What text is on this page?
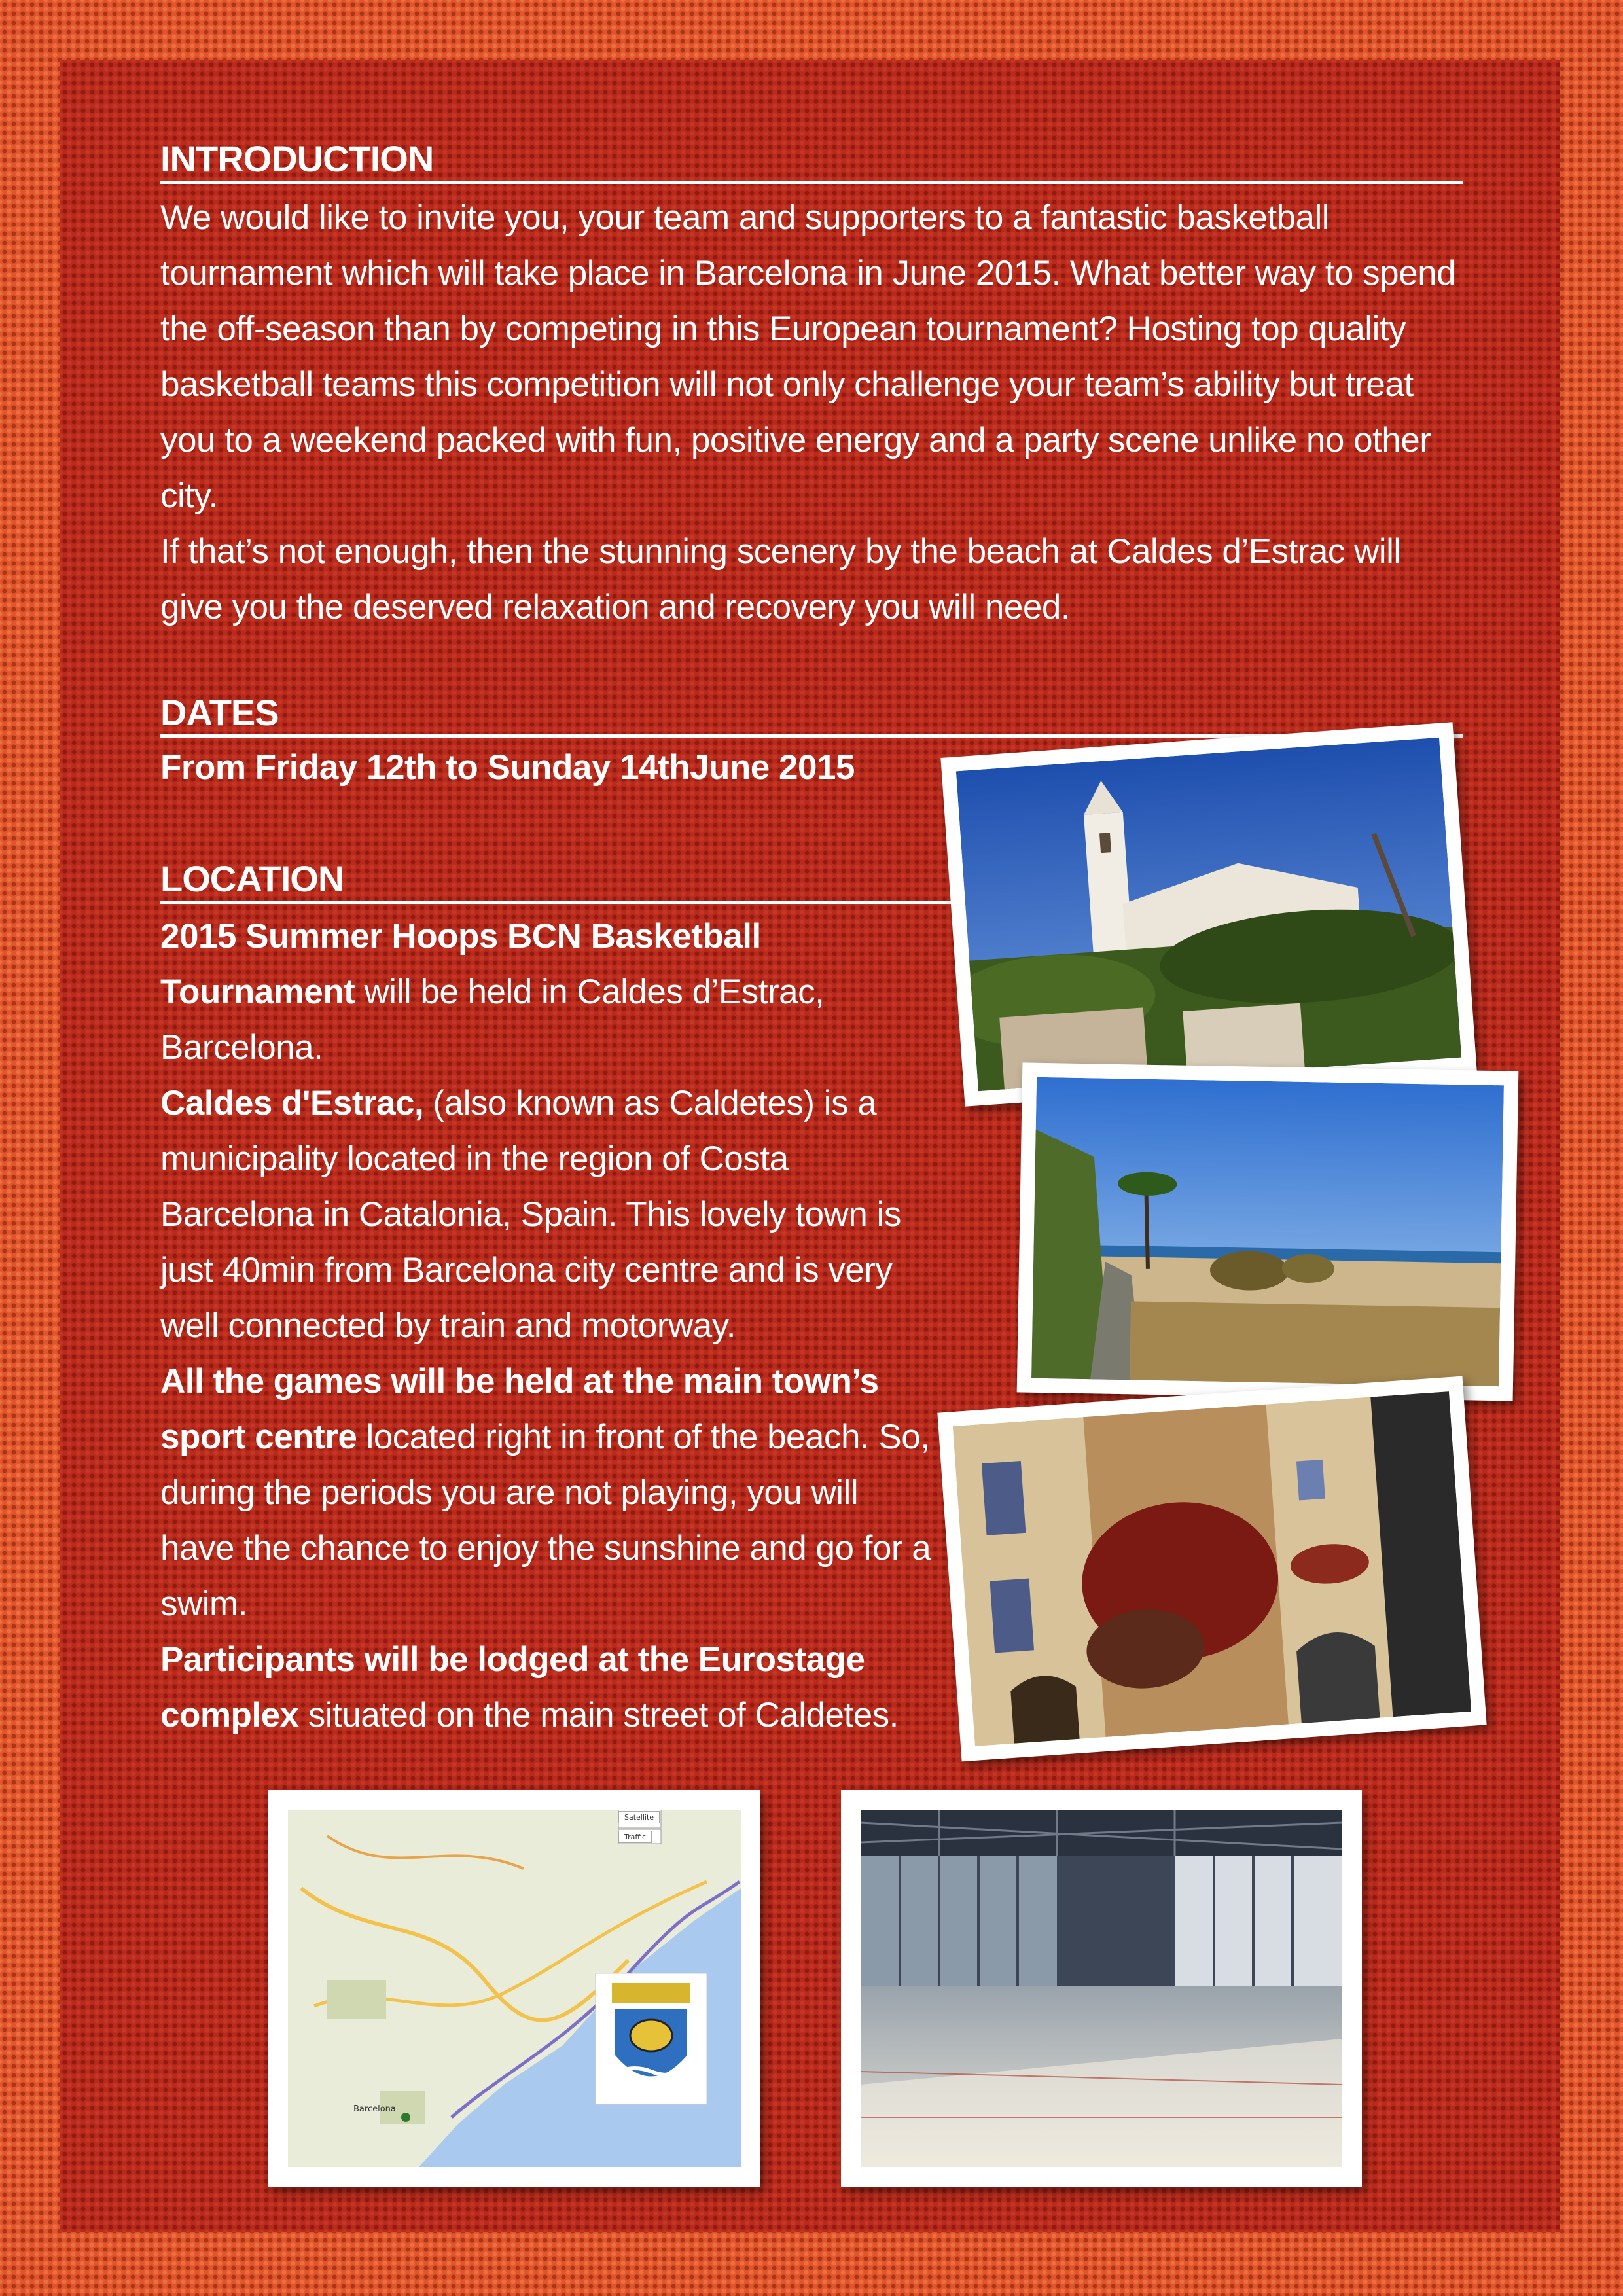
INTRODUCTION

We would like to invite you, your team and supporters to a fantastic basketball tournament which will take place in Barcelona in June 2015. What better way to spend the off-season than by competing in this European tournament? Hosting top quality basketball teams this competition will not only challenge your team’s ability but treat you to a weekend packed with fun, positive energy and a party scene unlike no other city.

If that’s not enough, then the stunning scenery by the beach at Caldes d’Estrac will give you the deserved relaxation and recovery you will need.

DATES
From Friday 12th to Sunday 14thJune 2015
LOCATION

2015 Summer Hoops BCN Basketball Tournament will be held in Caldes d’Estrac, Barcelona.

Caldes d'Estrac, (also known as Caldetes) is a municipality located in the region of Costa Barcelona in Catalonia, Spain. This lovely town is just 40min from Barcelona city centre and is very well connected by train and motorway.

All the games will be held at the main town’s sport centre located right in front of the beach. So, during the periods you are not playing, you will have the chance to enjoy the sunshine and go for a swim.

Participants will be lodged at the Eurostage complex situated on the main street of Caldetes.

Satellite
Traffic
Barcelona
